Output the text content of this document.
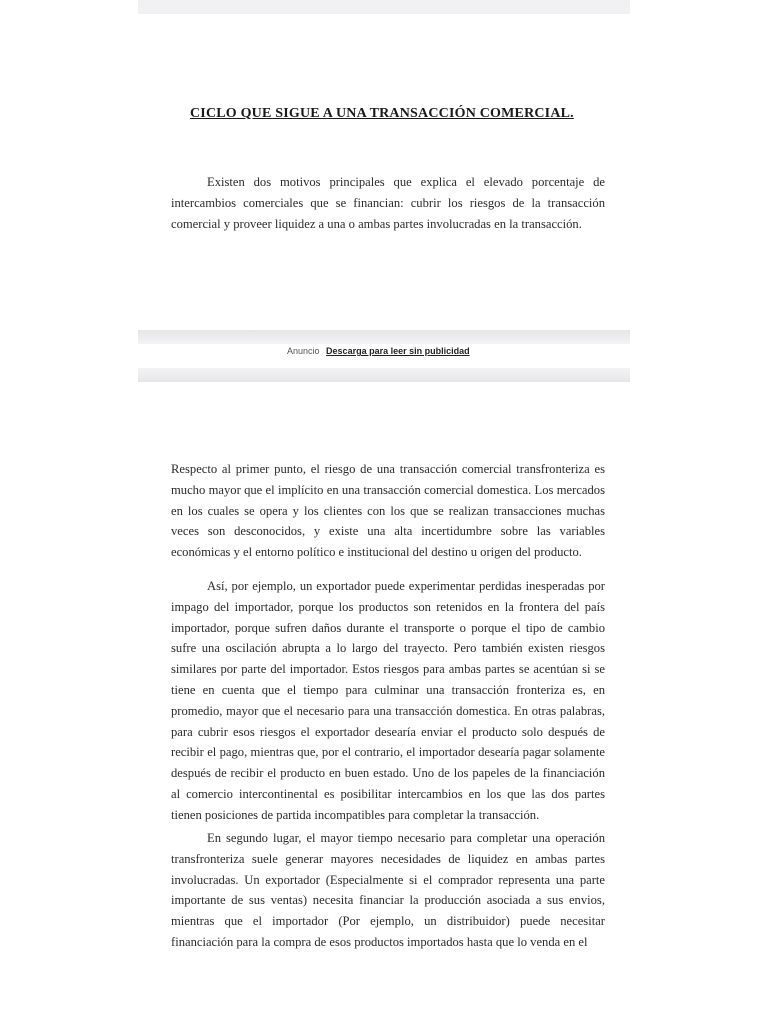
CICLO QUE SIGUE A UNA TRANSACCIÓN COMERCIAL.

Existen dos motivos principales que explica el elevado porcentaje de intercambios comerciales que se financian: cubrir los riesgos de la transacción comercial y proveer liquidez a una o ambas partes involucradas en la transacción.

Anuncio Descarga para leer sin publicidad

Respecto al primer punto, el riesgo de una transacción comercial transfronteriza es mucho mayor que el implícito en una transacción comercial domestica. Los mercados en los cuales se opera y los clientes con los que se realizan transacciones muchas veces son desconocidos, y existe una alta incertidumbre sobre las variables económicas y el entorno político e institucional del destino u origen del producto.

Así, por ejemplo, un exportador puede experimentar perdidas inesperadas por impago del importador, porque los productos son retenidos en la frontera del país importador, porque sufren daños durante el transporte o porque el tipo de cambio sufre una oscilación abrupta a lo largo del trayecto. Pero también existen riesgos similares por parte del importador. Estos riesgos para ambas partes se acentúan si se tiene en cuenta que el tiempo para culminar una transacción fronteriza es, en promedio, mayor que el necesario para una transacción domestica. En otras palabras, para cubrir esos riesgos el exportador desearía enviar el producto solo después de recibir el pago, mientras que, por el contrario, el importador desearía pagar solamente después de recibir el producto en buen estado. Uno de los papeles de la financiación al comercio intercontinental es posibilitar intercambios en los que las dos partes tienen posiciones de partida incompatibles para completar la transacción.

En segundo lugar, el mayor tiempo necesario para completar una operación transfronteriza suele generar mayores necesidades de liquidez en ambas partes involucradas. Un exportador (Especialmente si el comprador representa una parte importante de sus ventas) necesita financiar la producción asociada a sus envios, mientras que el importador (Por ejemplo, un distribuidor) puede necesitar financiación para la compra de esos productos importados hasta que lo venda en el
